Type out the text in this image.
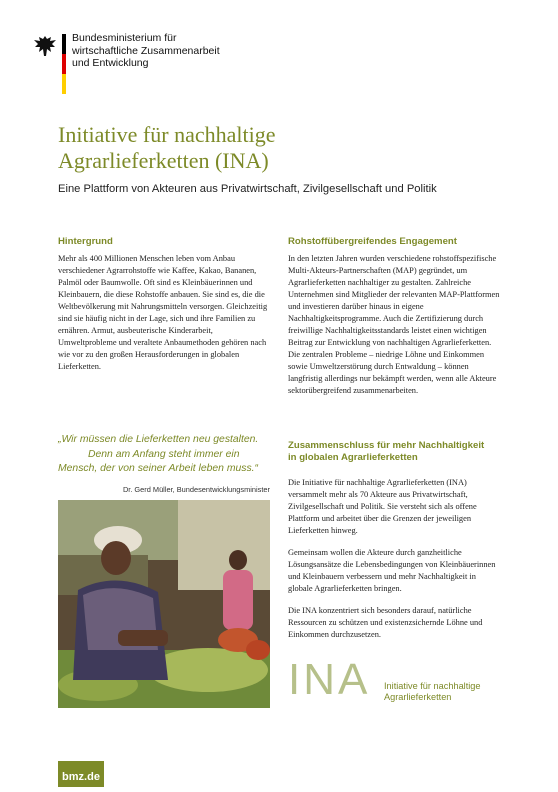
Bundesministerium für
wirtschaftliche Zusammenarbeit
und Entwicklung
Initiative für nachhaltige
Agrarlieferketten (INA)
Eine Plattform von Akteuren aus Privatwirtschaft, Zivilgesellschaft und Politik
Hintergrund

Mehr als 400 Millionen Menschen leben vom Anbau verschiedener Agrarrohstoffe wie Kaffee, Kakao, Bananen, Palmöl oder Baumwolle. Oft sind es Kleinbäuerinnen und Kleinbauern, die diese Rohstoffe anbauen. Sie sind es, die die Weltbevölkerung mit Nahrungsmitteln versorgen. Gleichzeitig sind sie häufig nicht in der Lage, sich und ihre Familien zu ernähren. Armut, ausbeuterische Kinderarbeit, Umweltprobleme und veraltete Anbaumethoden gehören nach wie vor zu den großen Herausforderungen in globalen Lieferketten.

„Wir müssen die Lieferketten neu gestalten.
Denn am Anfang steht immer ein
Mensch, der von seiner Arbeit leben muss.“
Dr. Gerd Müller, Bundesentwicklungsminister
Rohstoffübergreifendes Engagement

In den letzten Jahren wurden verschiedene rohstoffspezifische Multi-Akteurs-Partnerschaften (MAP) gegründet, um Agrarlieferketten nachhaltiger zu gestalten. Zahlreiche Unternehmen sind Mitglieder der relevanten MAP-Plattformen und investieren darüber hinaus in eigene Nachhaltigkeitsprogramme. Auch die Zertifizierung durch freiwillige Nachhaltigkeitsstandards leistet einen wichtigen Beitrag zur Entwicklung von nachhaltigen Agrarlieferketten. Die zentralen Probleme – niedrige Löhne und Einkommen sowie Umweltzerstörung durch Entwaldung – können langfristig allerdings nur bekämpft werden, wenn alle Akteure sektorübergreifend zusammenarbeiten.

Zusammenschluss für mehr Nachhaltigkeit
in globalen Agrarlieferketten

Die Initiative für nachhaltige Agrarlieferketten (INA) versammelt mehr als 70 Akteure aus Privatwirtschaft, Zivilgesellschaft und Politik. Sie versteht sich als offene Plattform und arbeitet über die Grenzen der jeweiligen Lieferketten hinweg.

Gemeinsam wollen die Akteure durch ganzheitliche Lösungsansätze die Lebensbedingungen von Kleinbäuerinnen und Kleinbauern verbessern und mehr Nachhaltigkeit in globale Agrarlieferketten bringen.

Die INA konzentriert sich besonders darauf, natürliche Ressourcen zu schützen und existenzsichernde Löhne und Einkommen durchzusetzen.

INA Initiative für nachhaltige
Agrarlieferketten
bmz.de
